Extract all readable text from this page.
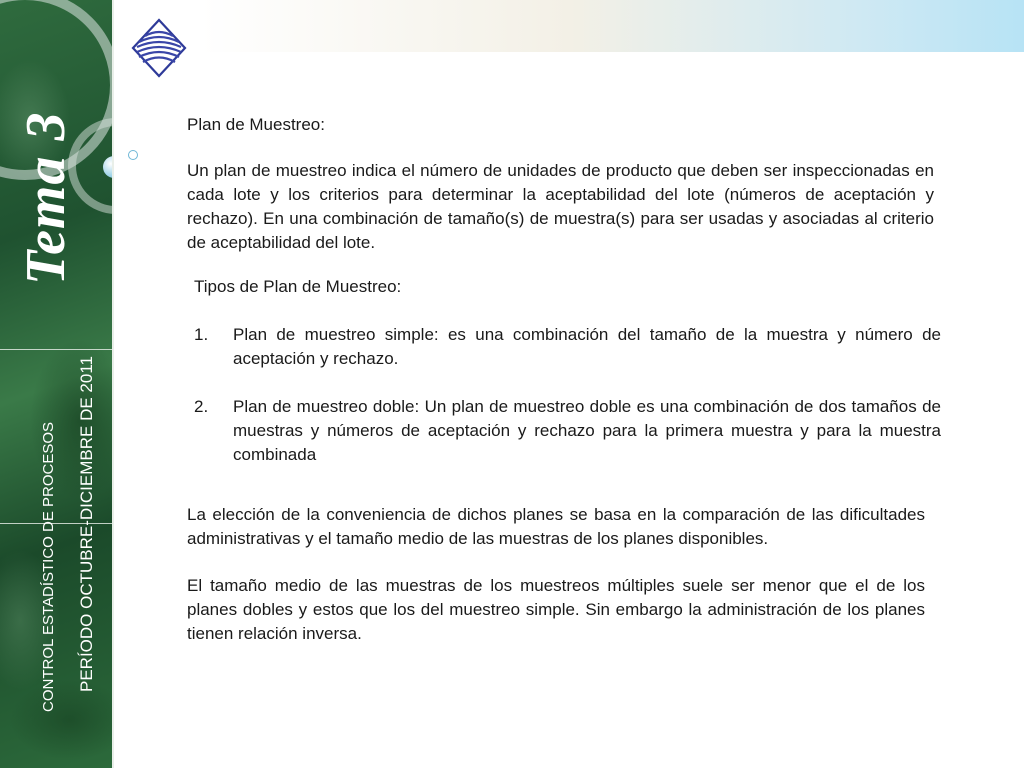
Tema 3
CONTROL ESTADÍSTICO DE PROCESOS PERÍODO OCTUBRE-DICIEMBRE DE 2011

Plan de Muestreo:

Un plan de muestreo indica el número de unidades de producto que deben ser inspeccionadas en cada lote y los criterios para determinar la aceptabilidad del lote (números de aceptación y rechazo). En una combinación de tamaño(s) de muestra(s) para ser usadas y asociadas al criterio de aceptabilidad del lote.

Tipos de Plan de Muestreo:

1. Plan de muestreo simple: es una combinación del tamaño de la muestra y número de aceptación y rechazo.

2. Plan de muestreo doble: Un plan de muestreo doble es una combinación de dos tamaños de muestras y números de aceptación y rechazo para la primera muestra y para la muestra combinada

La elección de la conveniencia de dichos planes se basa en la comparación de las dificultades administrativas y el tamaño medio de las muestras de los planes disponibles.

El tamaño medio de las muestras de los muestreos múltiples suele ser menor que el de los planes dobles y estos que los del muestreo simple. Sin embargo la administración de los planes tienen relación inversa.
